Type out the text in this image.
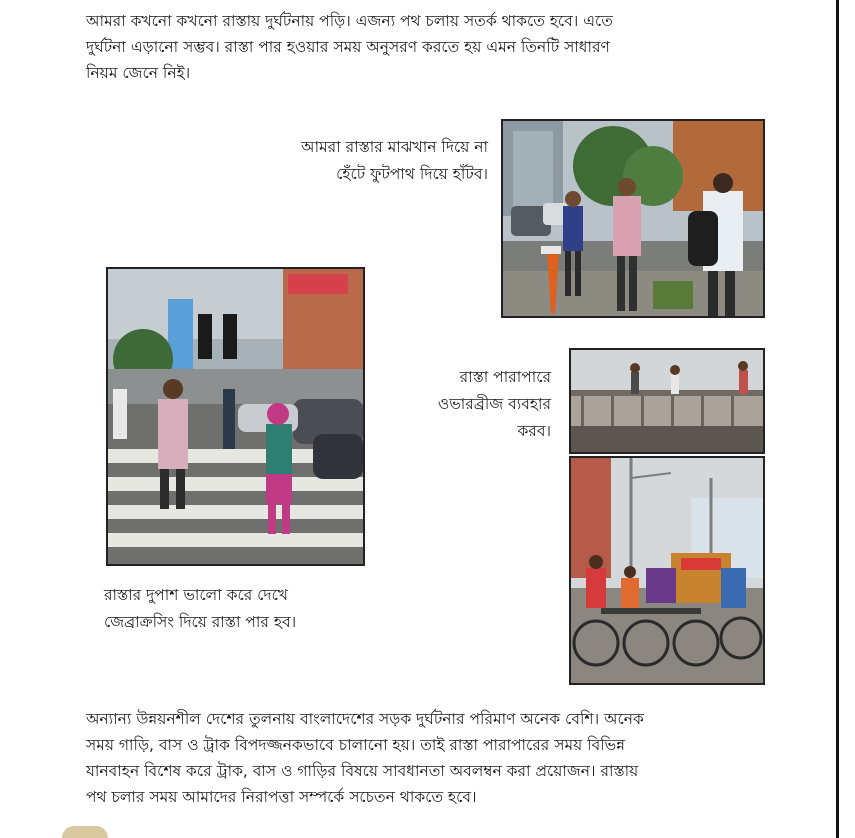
আমরা কখনো কখনো রাস্তায় দুর্ঘটনায় পড়ি। এজন্য পথ চলায় সতর্ক থাকতে হবে। এতে
দুর্ঘটনা এড়ানো সম্ভব। রাস্তা পার হওয়ার সময় অনুসরণ করতে হয় এমন তিনটি সাধারণ
নিয়ম জেনে নিই।

আমরা রাস্তার মাঝখান দিয়ে না
হেঁটে ফুটপাথ দিয়ে হাঁটব।
রাস্তার দুপাশ ভালো করে দেখে
জেব্রাক্রসিং দিয়ে রাস্তা পার হব।
রাস্তা পারাপারে
ওভারব্রীজ ব্যবহার
করব।

অন্যান্য উন্নয়নশীল দেশের তুলনায় বাংলাদেশের সড়ক দুর্ঘটনার পরিমাণ অনেক বেশি। অনেক
সময় গাড়ি, বাস ও ট্রাক বিপদজ্জনকভাবে চালানো হয়। তাই রাস্তা পারাপারের সময় বিভিন্ন
যানবাহন বিশেষ করে ট্রাক, বাস ও গাড়ির বিষয়ে সাবধানতা অবলম্বন করা প্রয়োজন। রাস্তায়
পথ চলার সময় আমাদের নিরাপত্তা সম্পর্কে সচেতন থাকতে হবে।
